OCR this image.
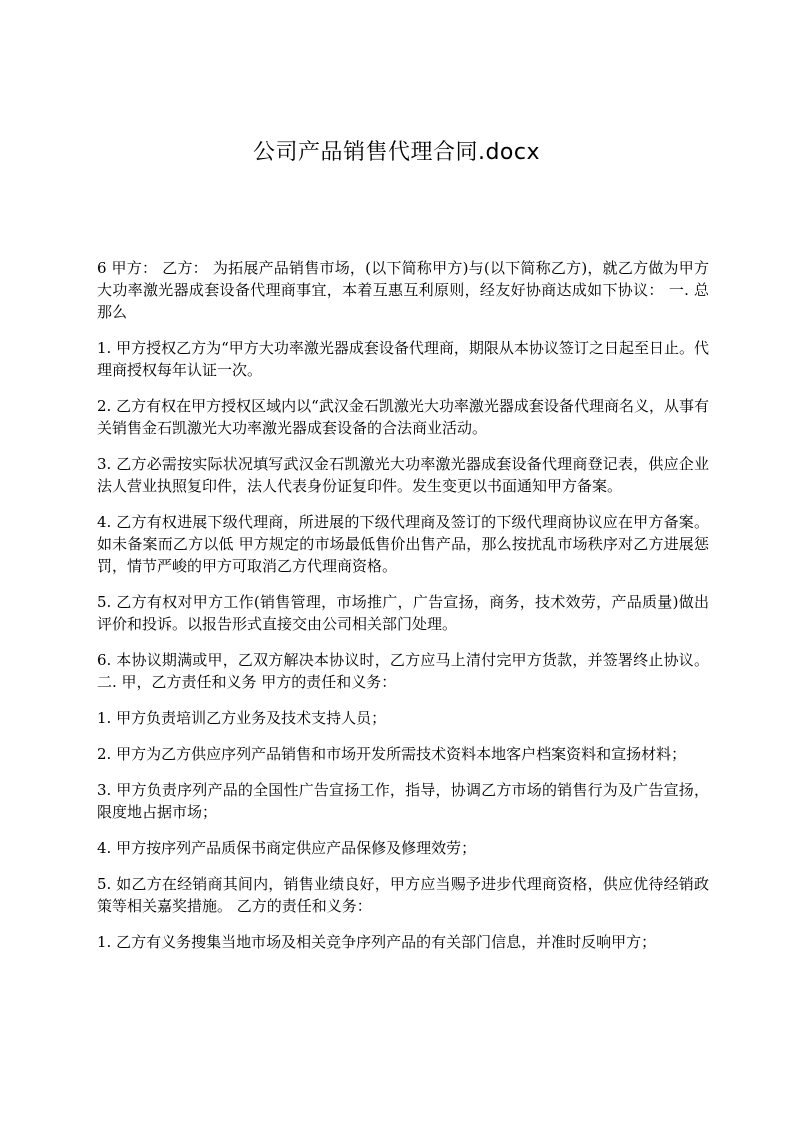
公司产品销售代理合同.docx

6 甲方： 乙方： 为拓展产品销售市场，(以下简称甲方)与(以下简称乙方)，就乙方做为甲方大功率激光器成套设备代理商事宜，本着互惠互利原则，经友好协商达成如下协议： 一. 总那么

1. 甲方授权乙方为“甲方大功率激光器成套设备代理商，期限从本协议签订之日起至日止。代理商授权每年认证一次。

2. 乙方有权在甲方授权区域内以“武汉金石凯激光大功率激光器成套设备代理商名义，从事有关销售金石凯激光大功率激光器成套设备的合法商业活动。

3. 乙方必需按实际状况填写武汉金石凯激光大功率激光器成套设备代理商登记表，供应企业法人营业执照复印件，法人代表身份证复印件。发生变更以书面通知甲方备案。

4. 乙方有权进展下级代理商，所进展的下级代理商及签订的下级代理商协议应在甲方备案。如未备案而乙方以低 甲方规定的市场最低售价出售产品，那么按扰乱市场秩序对乙方进展惩罚，情节严峻的甲方可取消乙方代理商资格。

5. 乙方有权对甲方工作(销售管理，市场推广，广告宣扬，商务，技术效劳，产品质量)做出评价和投诉。以报告形式直接交由公司相关部门处理。

6. 本协议期满或甲，乙双方解决本协议时，乙方应马上清付完甲方货款，并签署终止协议。 二. 甲，乙方责任和义务 甲方的责任和义务：

1. 甲方负责培训乙方业务及技术支持人员；

2. 甲方为乙方供应序列产品销售和市场开发所需技术资料本地客户档案资料和宣扬材料；

3. 甲方负责序列产品的全国性广告宣扬工作，指导，协调乙方市场的销售行为及广告宣扬，限度地占据市场；

4. 甲方按序列产品质保书商定供应产品保修及修理效劳；

5. 如乙方在经销商其间内，销售业绩良好，甲方应当赐予进步代理商资格，供应优待经销政策等相关嘉奖措施。 乙方的责任和义务：

1. 乙方有义务搜集当地市场及相关竞争序列产品的有关部门信息，并准时反响甲方；
